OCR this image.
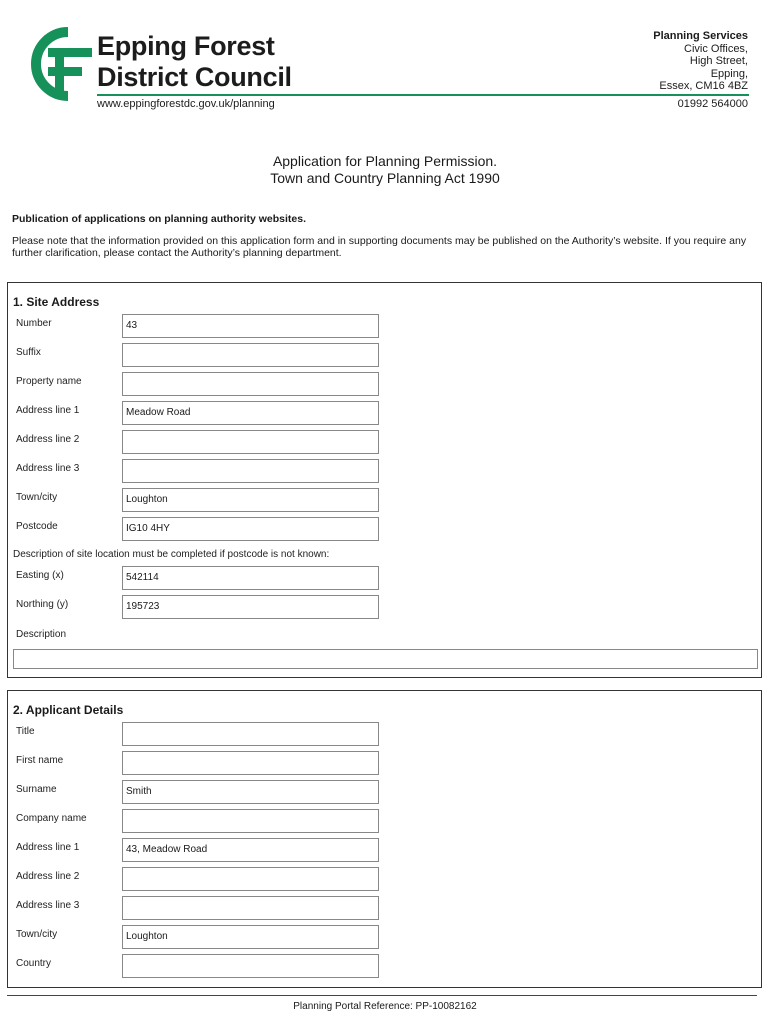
Epping Forest
District Council
www.eppingforestdc.gov.uk/planning
Planning Services
Civic Offices,
High Street,
Epping,
Essex, CM16 4BZ
01992 564000
Application for Planning Permission.
Town and Country Planning Act 1990
Publication of applications on planning authority websites.
Please note that the information provided on this application form and in supporting documents may be published on the Authority’s website. If you require any further clarification, please contact the Authority’s planning department.
1. Site Address
Number	43
Suffix
Property name
Address line 1	Meadow Road
Address line 2
Address line 3
Town/city	Loughton
Postcode	IG10 4HY
Description of site location must be completed if postcode is not known:
Easting (x)	542114
Northing (y)	195723
Description
2. Applicant Details
Title
First name
Surname	Smith
Company name
Address line 1	43, Meadow Road
Address line 2
Address line 3
Town/city	Loughton
Country
Planning Portal Reference: PP-10082162
